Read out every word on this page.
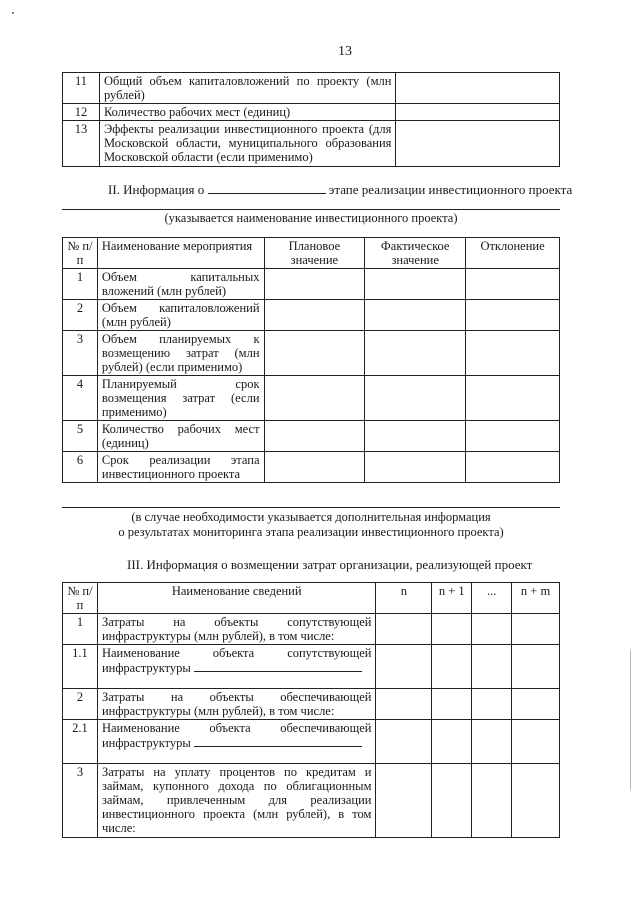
13
11	Общий объем капиталовложений по проекту (млн рублей)	
12	Количество рабочих мест (единиц)	
13	Эффекты реализации инвестиционного проекта (для Московской области, муниципального образования Московской области (если применимо)	
II. Информация о	этапе реализации инвестиционного проекта
(указывается наименование инвестиционного проекта)
№ п/п	Наименование мероприятия	Плановое значение	Фактическое значение	Отклонение
1	Объем капитальных вложений (млн рублей)			
2	Объем капиталовложений (млн рублей)			
3	Объем планируемых к возмещению затрат (млн рублей) (если применимо)			
4	Планируемый срок возмещения затрат (если применимо)			
5	Количество рабочих мест (единиц)			
6	Срок реализации этапа инвестиционного проекта			
(в случае необходимости указывается дополнительная информация
о результатах мониторинга этапа реализации инвестиционного проекта)
III. Информация о возмещении затрат организации, реализующей проект
№ п/п	Наименование сведений	n	n + 1	...	n + m
1	Затраты на объекты сопутствующей инфраструктуры (млн рублей), в том числе:				
1.1	Наименование объекта сопутствующей инфраструктуры				
2	Затраты на объекты обеспечивающей инфраструктуры (млн рублей), в том числе:				
2.1	Наименование объекта обеспечивающей инфраструктуры				
3	Затраты на уплату процентов по кредитам и займам, купонного дохода по облигационным займам, привлеченным для реализации инвестиционного проекта (млн рублей), в том числе:				
